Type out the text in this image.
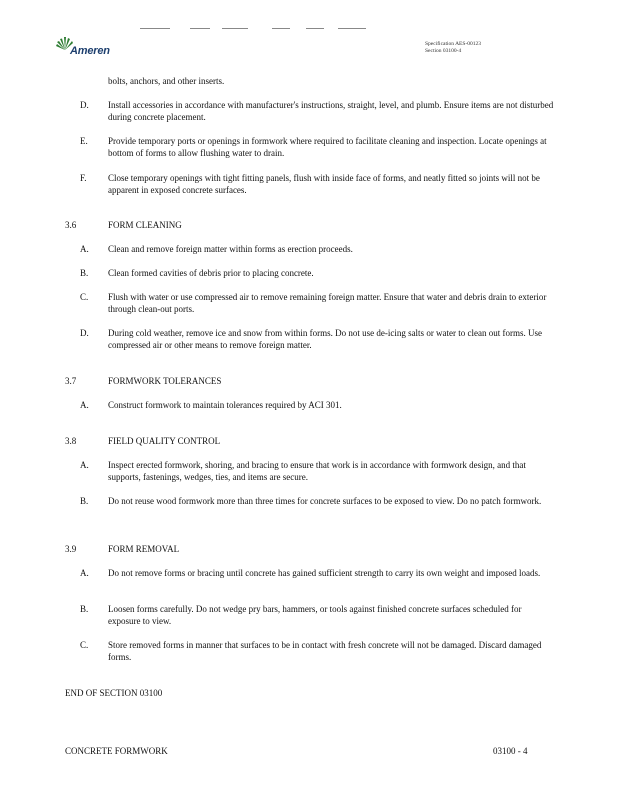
Ameren
Specification AES-00123
Section 03100-4
bolts, anchors, and other inserts.
D. Install accessories in accordance with manufacturer's instructions, straight, level, and plumb. Ensure items are not disturbed during concrete placement.
E. Provide temporary ports or openings in formwork where required to facilitate cleaning and inspection. Locate openings at bottom of forms to allow flushing water to drain.
F. Close temporary openings with tight fitting panels, flush with inside face of forms, and neatly fitted so joints will not be apparent in exposed concrete surfaces.
3.6	FORM CLEANING
A. Clean and remove foreign matter within forms as erection proceeds.
B. Clean formed cavities of debris prior to placing concrete.
C. Flush with water or use compressed air to remove remaining foreign matter. Ensure that water and debris drain to exterior through clean-out ports.
D. During cold weather, remove ice and snow from within forms. Do not use de-icing salts or water to clean out forms. Use compressed air or other means to remove foreign matter.
3.7	FORMWORK TOLERANCES
A. Construct formwork to maintain tolerances required by ACI 301.
3.8	FIELD QUALITY CONTROL
A. Inspect erected formwork, shoring, and bracing to ensure that work is in accordance with formwork design, and that supports, fastenings, wedges, ties, and items are secure.
B. Do not reuse wood formwork more than three times for concrete surfaces to be exposed to view. Do no patch formwork.
3.9	FORM REMOVAL
A. Do not remove forms or bracing until concrete has gained sufficient strength to carry its own weight and imposed loads.
B. Loosen forms carefully. Do not wedge pry bars, hammers, or tools against finished concrete surfaces scheduled for exposure to view.
C. Store removed forms in manner that surfaces to be in contact with fresh concrete will not be damaged. Discard damaged forms.
END OF SECTION 03100
CONCRETE FORMWORK	03100 - 4
